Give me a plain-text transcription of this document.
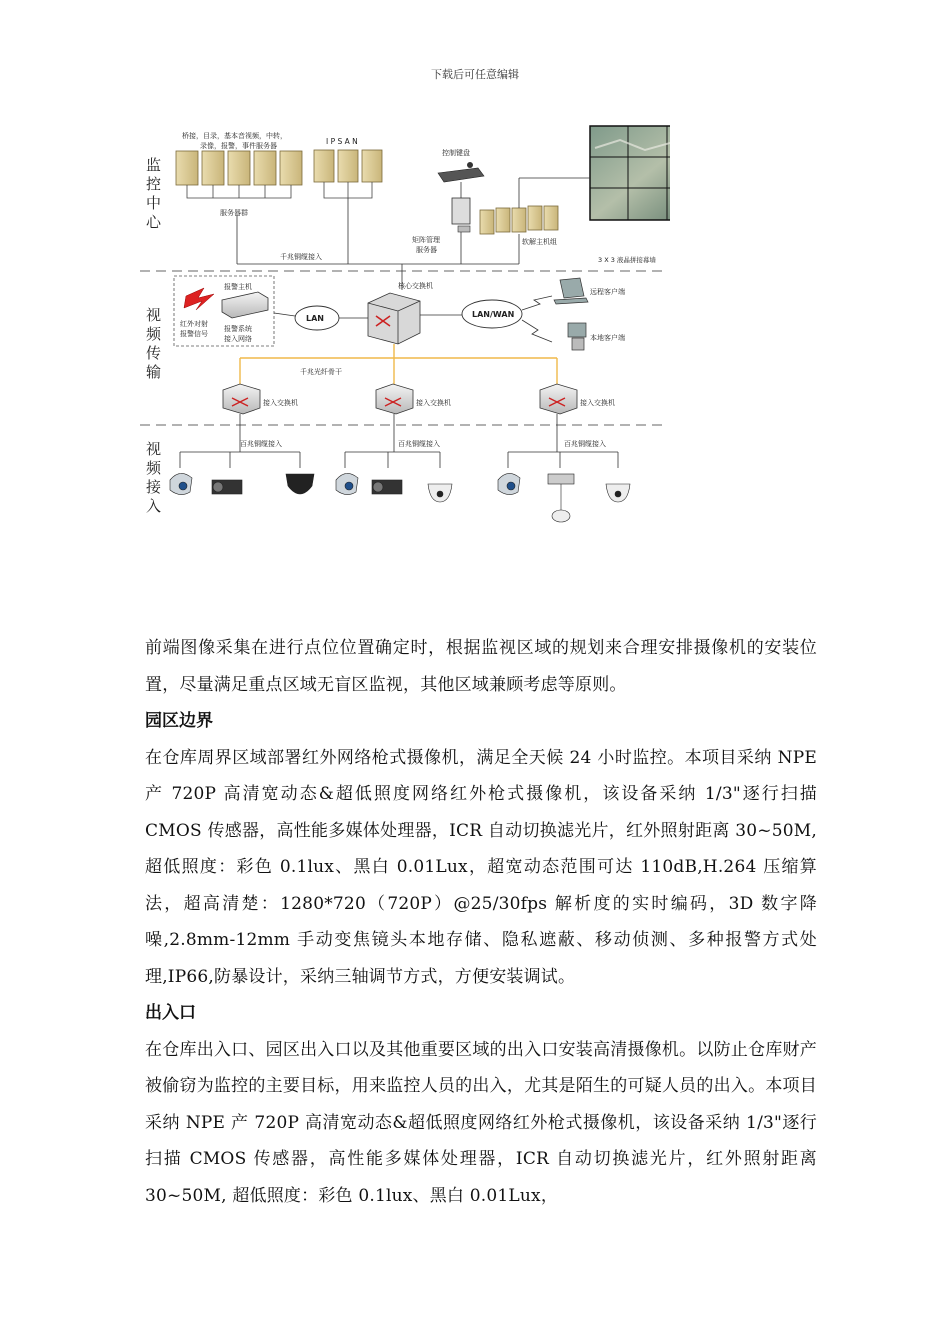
下载后可任意编辑
监
控
中
心
视
频
传
输
视
频
接
入
桥接，目录，基本音视频，中转，
录像，报警，事件服务器
服务器群
I P S A N
控制键盘
矩阵管理
服务器
软解主机组
3 X 3 液晶拼接幕墙
千兆铜缆接入
报警主机
红外对射
报警信号
报警系统
接入网络
LAN
核心交换机
LAN/WAN
远程客户端
本地客户端
千兆光纤骨干
接入交换机	接入交换机	接入交换机
百兆铜缆接入	百兆铜缆接入	百兆铜缆接入

前端图像采集在进行点位位置确定时，根据监视区域的规划来合理安排摄像机的安装位置，尽量满足重点区域无盲区监视，其他区域兼顾考虑等原则。

园区边界

在仓库周界区域部署红外网络枪式摄像机，满足全天候 24 小时监控。本项目采纳 NPE 产 720P 高清宽动态&超低照度网络红外枪式摄像机，该设备采纳 1/3"逐行扫描 CMOS 传感器，高性能多媒体处理器，ICR 自动切换滤光片，红外照射距离 30~50M, 超低照度：彩色 0.1lux、黑白 0.01Lux，超宽动态范围可达 110dB,H.264 压缩算法，超高清楚：1280*720（720P）@25/30fps 解析度的实时编码，3D 数字降噪,2.8mm-12mm 手动变焦镜头本地存储、隐私遮蔽、移动侦测、多种报警方式处理,IP66,防暴设计，采纳三轴调节方式，方便安装调试。

出入口

在仓库出入口、园区出入口以及其他重要区域的出入口安装高清摄像机。以防止仓库财产被偷窃为监控的主要目标，用来监控人员的出入，尤其是陌生的可疑人员的出入。本项目采纳 NPE 产 720P 高清宽动态&超低照度网络红外枪式摄像机，该设备采纳 1/3"逐行扫描 CMOS 传感器，高性能多媒体处理器，ICR 自动切换滤光片，红外照射距离 30~50M, 超低照度：彩色 0.1lux、黑白 0.01Lux，
